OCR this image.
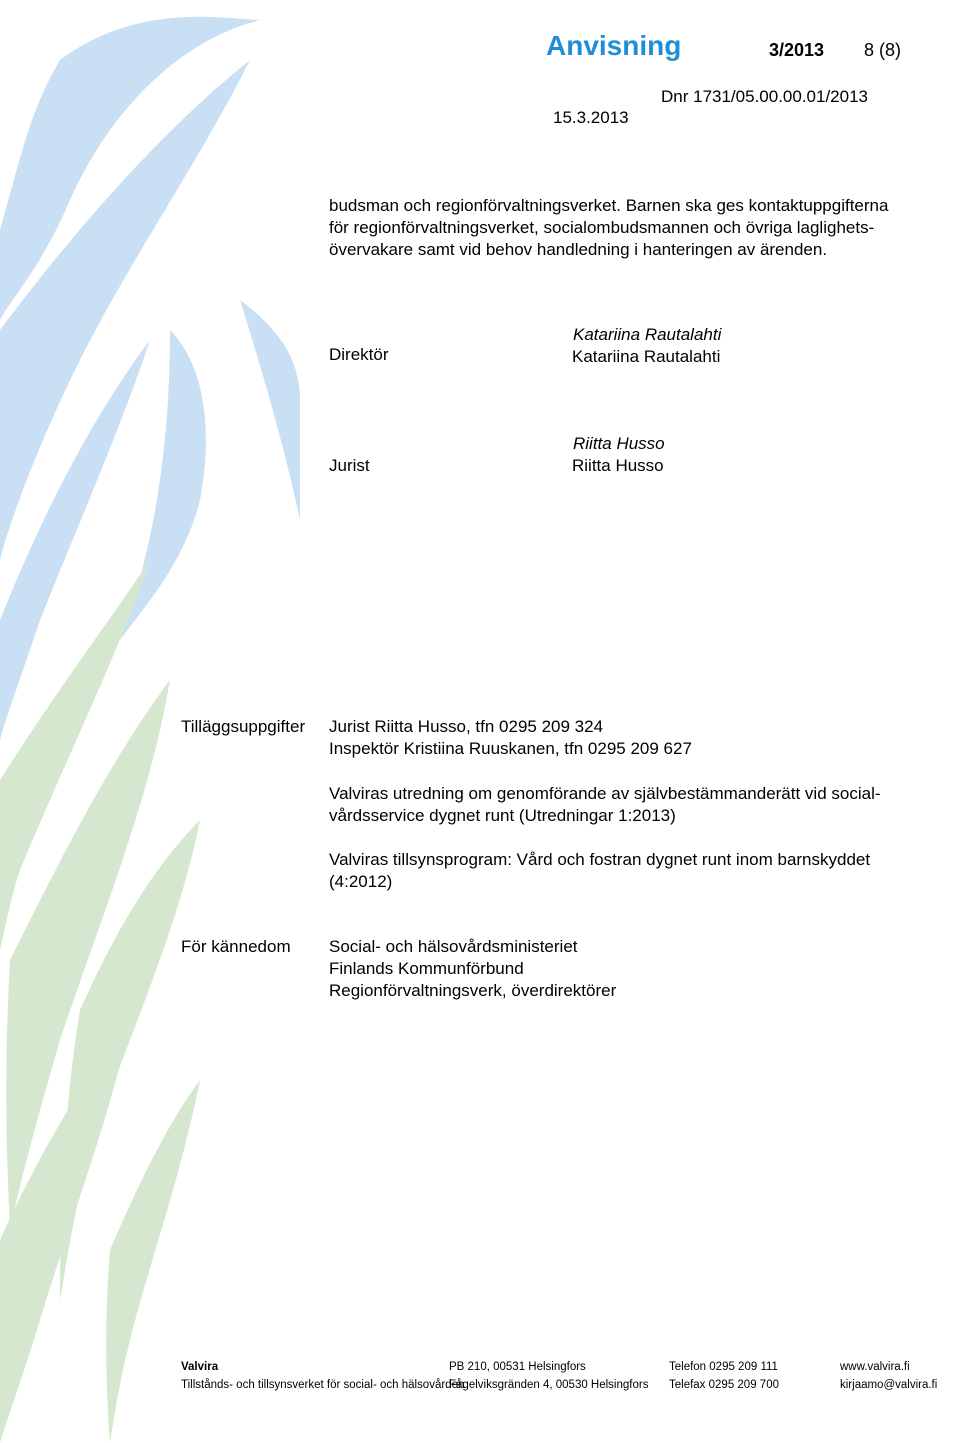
Anvisning	3/2013 8 (8)
Dnr 1731/05.00.00.01/2013
15.3.2013
budsman och regionförvaltningsverket. Barnen ska ges kontaktuppgifterna
för regionförvaltningsverket, socialombudsmannen och övriga laglighets-
övervakare samt vid behov handledning i hanteringen av ärenden.
Direktör
Katariina Rautalahti
Katariina Rautalahti
Jurist
Riitta Husso
Riitta Husso
Tilläggsuppgifter Jurist Riitta Husso, tfn 0295 209 324
Inspektör Kristiina Ruuskanen, tfn 0295 209 627
Valviras utredning om genomförande av självbestämmanderätt vid social-
vårdsservice dygnet runt (Utredningar 1:2013)
Valviras tillsynsprogram: Vård och fostran dygnet runt inom barnskyddet
(4:2012)
För kännedom Social- och hälsovårdsministeriet
Finlands Kommunförbund
Regionförvaltningsverk, överdirektörer
Valvira
Tillstånds- och tillsynsverket för social- och hälsovården
PB 210, 00531 Helsingfors
Fågelviksgränden 4, 00530 Helsingfors
Telefon 0295 209 111
Telefax 0295 209 700
www.valvira.fi
kirjaamo@valvira.fi
